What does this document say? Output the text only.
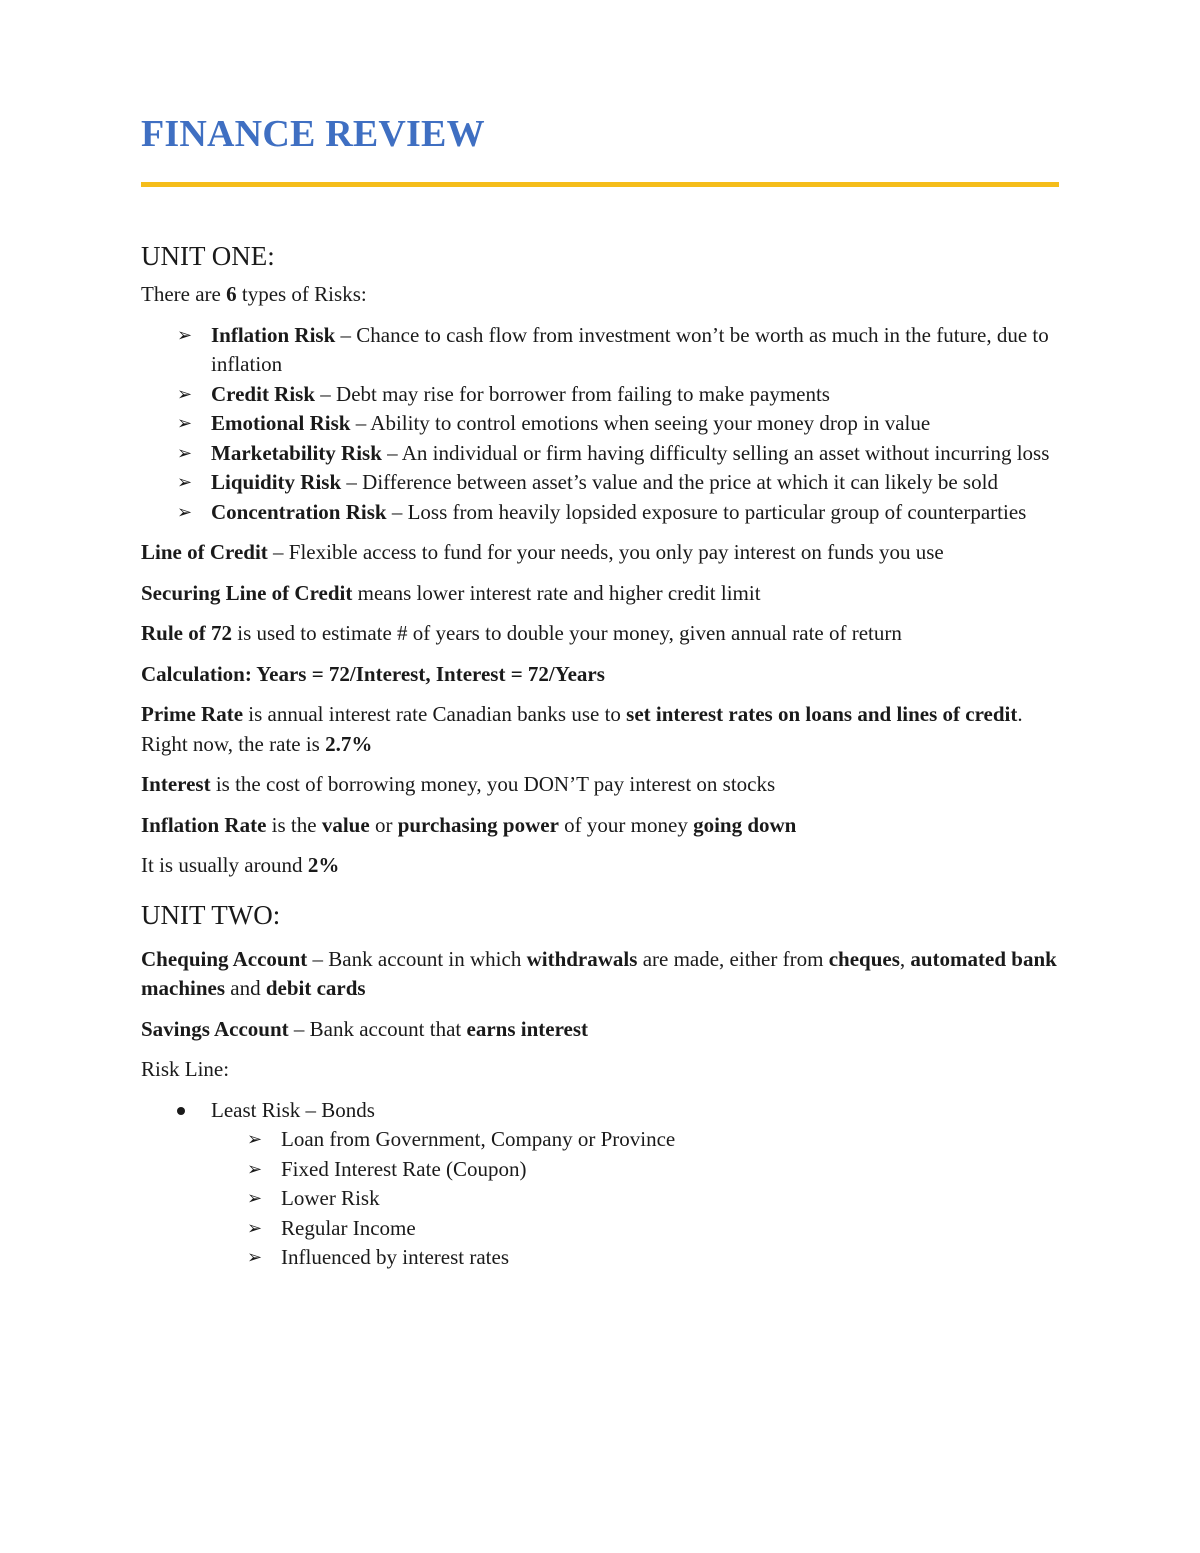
FINANCE REVIEW
UNIT ONE:

There are 6 types of Risks:

➢ Inflation Risk – Chance to cash flow from investment won’t be worth as much in the future, due to inflation
➢ Credit Risk – Debt may rise for borrower from failing to make payments
➢ Emotional Risk – Ability to control emotions when seeing your money drop in value
➢ Marketability Risk – An individual or firm having difficulty selling an asset without incurring loss
➢ Liquidity Risk – Difference between asset’s value and the price at which it can likely be sold
➢ Concentration Risk – Loss from heavily lopsided exposure to particular group of counterparties

Line of Credit – Flexible access to fund for your needs, you only pay interest on funds you use

Securing Line of Credit means lower interest rate and higher credit limit

Rule of 72 is used to estimate # of years to double your money, given annual rate of return

Calculation: Years = 72/Interest, Interest = 72/Years

Prime Rate is annual interest rate Canadian banks use to set interest rates on loans and lines of credit. Right now, the rate is 2.7%

Interest is the cost of borrowing money, you DON’T pay interest on stocks

Inflation Rate is the value or purchasing power of your money going down

It is usually around 2%

UNIT TWO:

Chequing Account – Bank account in which withdrawals are made, either from cheques, automated bank machines and debit cards

Savings Account – Bank account that earns interest

Risk Line:

Least Risk – Bonds
➢ Loan from Government, Company or Province
➢ Fixed Interest Rate (Coupon)
➢ Lower Risk
➢ Regular Income
➢ Influenced by interest rates
